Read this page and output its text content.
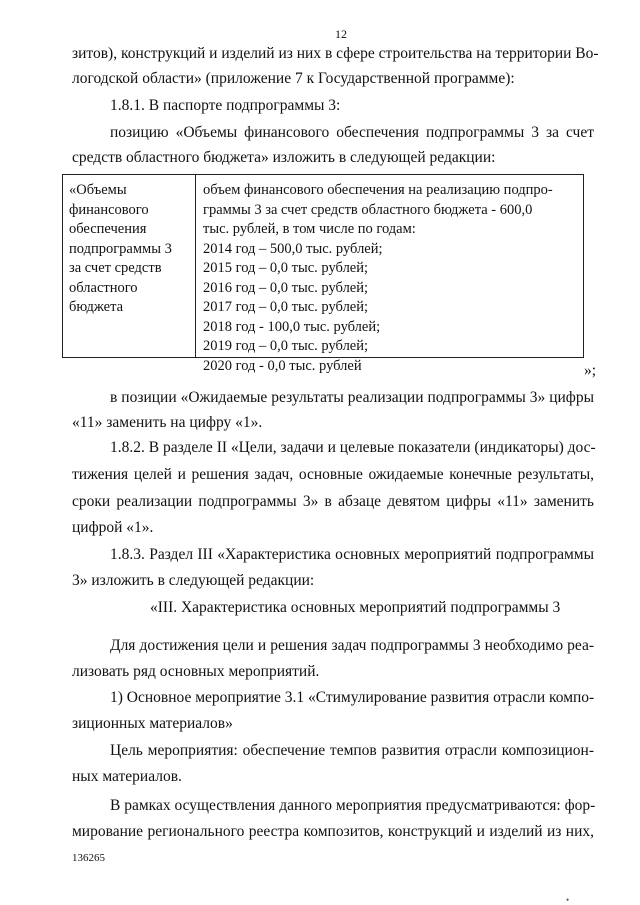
12
зитов), конструкций и изделий из них в сфере строительства на территории Во-
логодской области» (приложение 7 к Государственной программе):
1.8.1. В паспорте подпрограммы 3:
позицию «Объемы финансового обеспечения подпрограммы 3 за счет
средств областного бюджета» изложить в следующей редакции:
«Объемы
финансового
обеспечения
подпрограммы 3
за счет средств
областного
бюджета
объем финансового обеспечения на реализацию подпро-
граммы 3 за счет средств областного бюджета - 600,0
тыс. рублей, в том числе по годам:
2014 год – 500,0 тыс. рублей;
2015 год – 0,0 тыс. рублей;
2016 год – 0,0 тыс. рублей;
2017 год – 0,0 тыс. рублей;
2018 год - 100,0 тыс. рублей;
2019 год – 0,0 тыс. рублей;
2020 год - 0,0 тыс. рублей	»;
в позиции «Ожидаемые результаты реализации подпрограммы 3» цифры
«11» заменить на цифру «1».
1.8.2. В разделе II «Цели, задачи и целевые показатели (индикаторы) дос-
тижения целей и решения задач, основные ожидаемые конечные результаты,
сроки реализации подпрограммы 3» в абзаце девятом цифры «11» заменить
цифрой «1».
1.8.3. Раздел III «Характеристика основных мероприятий подпрограммы
3» изложить в следующей редакции:
«III. Характеристика основных мероприятий подпрограммы 3
Для достижения цели и решения задач подпрограммы 3 необходимо реа-
лизовать ряд основных мероприятий.
1) Основное мероприятие 3.1 «Стимулирование развития отрасли компо-
зиционных материалов»
Цель мероприятия: обеспечение темпов развития отрасли композицион-
ных материалов.
В рамках осуществления данного мероприятия предусматриваются: фор-
мирование регионального реестра композитов, конструкций и изделий из них,
136265
•
